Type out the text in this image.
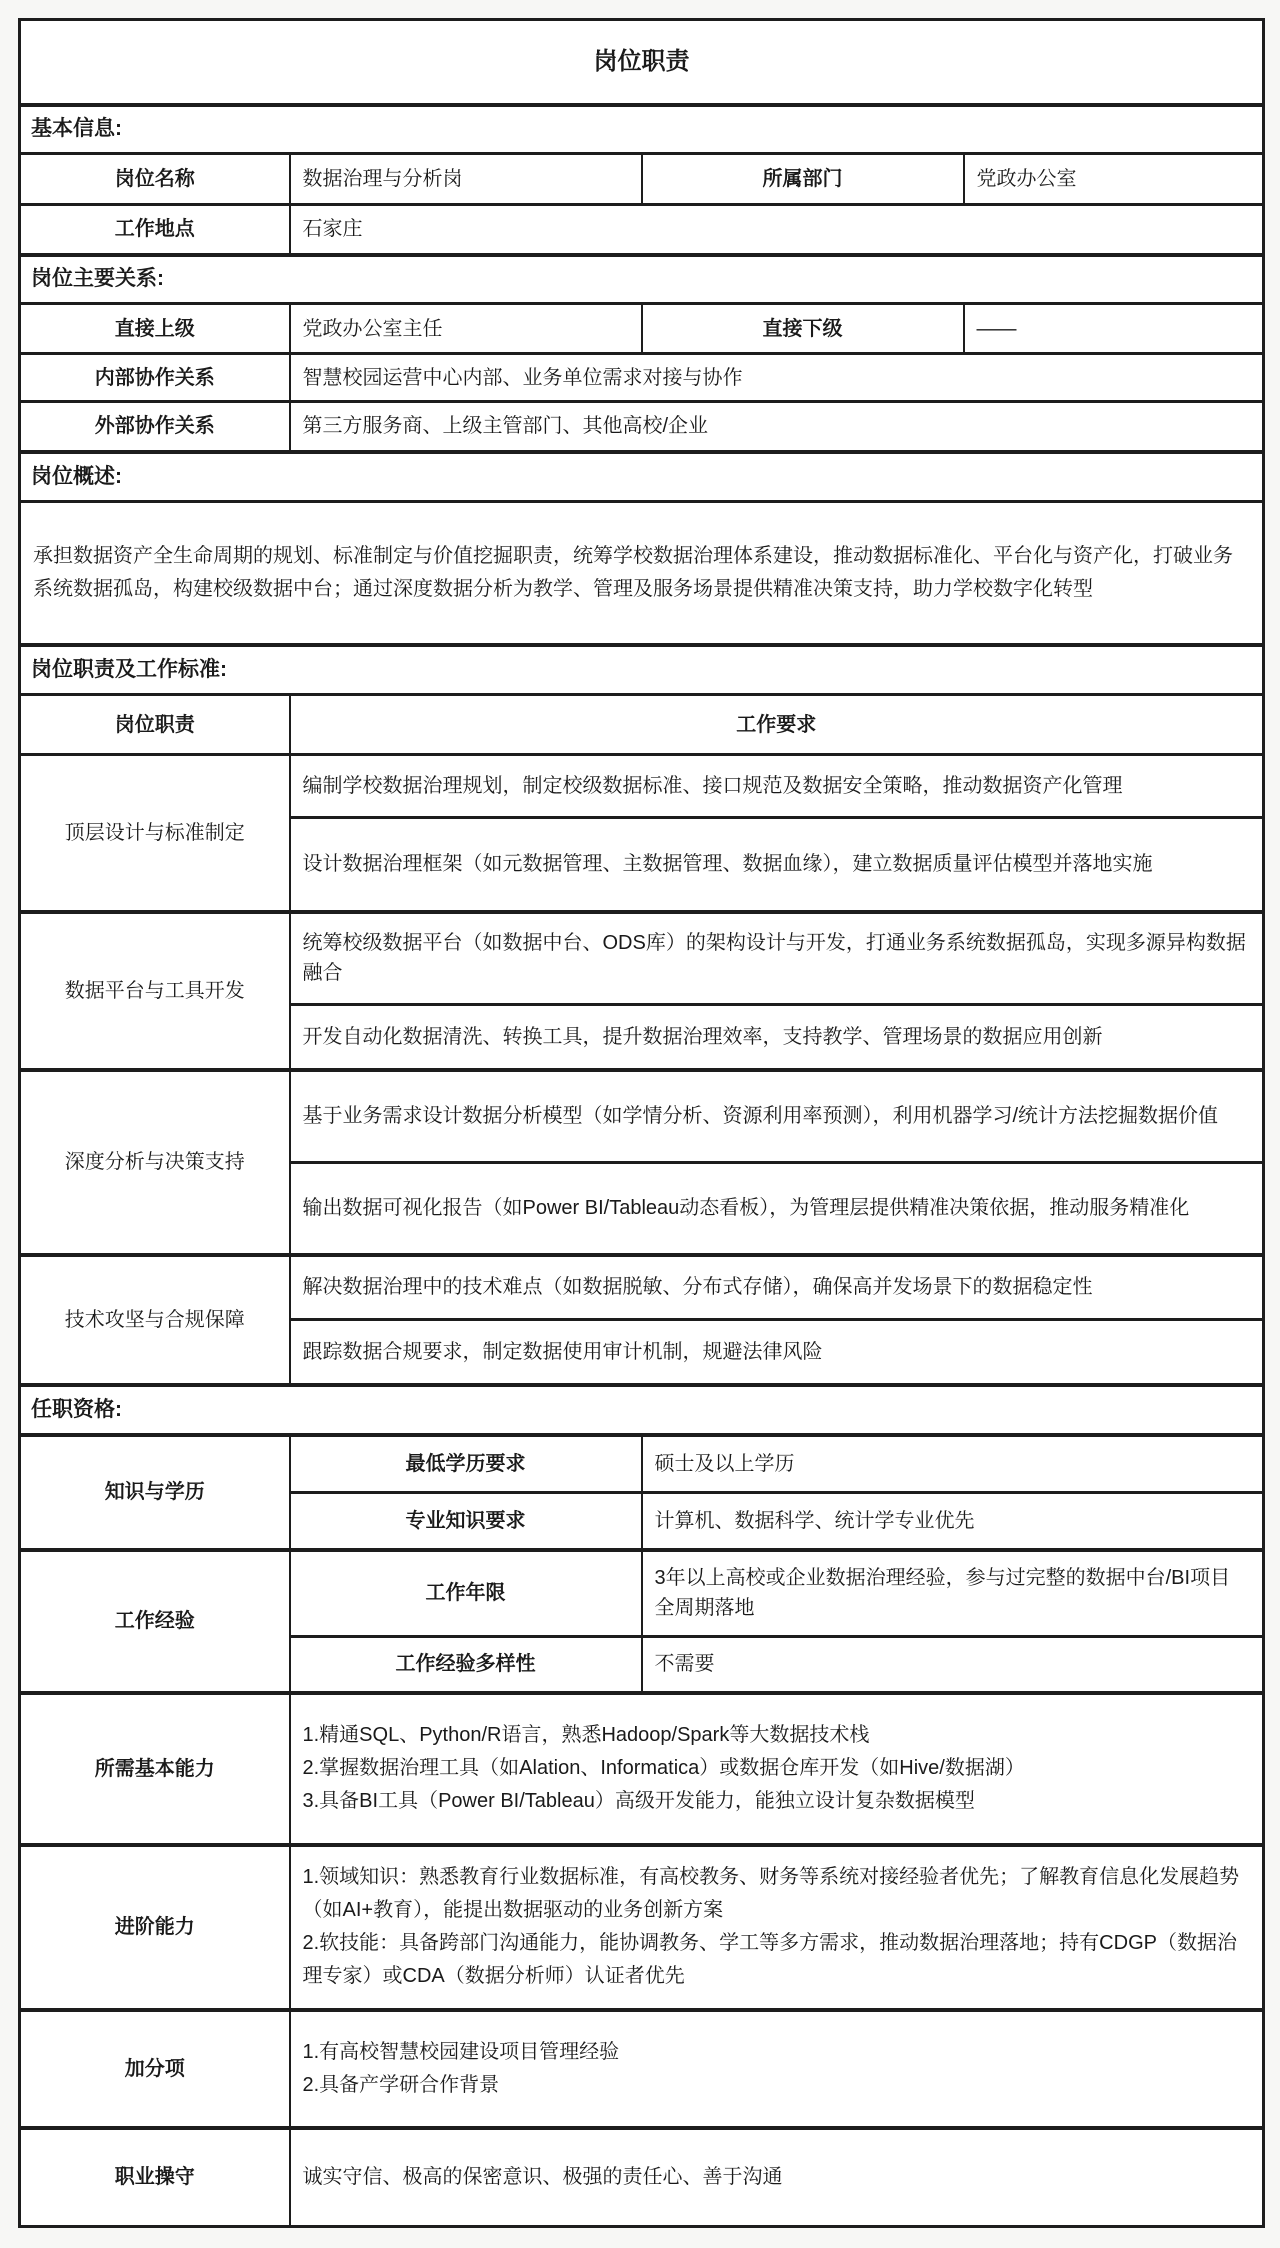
岗位职责			
基本信息:			
岗位名称	数据治理与分析岗	所属部门	党政办公室
工作地点	石家庄		
岗位主要关系:			
直接上级	党政办公室主任	直接下级	——
内部协作关系	智慧校园运营中心内部、业务单位需求对接与协作		
外部协作关系	第三方服务商、上级主管部门、其他高校/企业		
岗位概述:			
承担数据资产全生命周期的规划、标准制定与价值挖掘职责，统筹学校数据治理体系建设，推动数据标准化、平台化与资产化，打破业务系统数据孤岛，构建校级数据中台；通过深度数据分析为教学、管理及服务场景提供精准决策支持，助力学校数字化转型			
岗位职责及工作标准:			
岗位职责	工作要求		
顶层设计与标准制定	编制学校数据治理规划，制定校级数据标准、接口规范及数据安全策略，推动数据资产化管理		
	设计数据治理框架（如元数据管理、主数据管理、数据血缘），建立数据质量评估模型并落地实施		
数据平台与工具开发	统筹校级数据平台（如数据中台、ODS库）的架构设计与开发，打通业务系统数据孤岛，实现多源异构数据融合		
	开发自动化数据清洗、转换工具，提升数据治理效率，支持教学、管理场景的数据应用创新		
深度分析与决策支持	基于业务需求设计数据分析模型（如学情分析、资源利用率预测），利用机器学习/统计方法挖掘数据价值		
	输出数据可视化报告（如Power BI/Tableau动态看板），为管理层提供精准决策依据，推动服务精准化		
技术攻坚与合规保障	解决数据治理中的技术难点（如数据脱敏、分布式存储），确保高并发场景下的数据稳定性		
	跟踪数据合规要求，制定数据使用审计机制，规避法律风险		
任职资格:			
知识与学历	最低学历要求	硕士及以上学历	
	专业知识要求	计算机、数据科学、统计学专业优先	
工作经验	工作年限	3年以上高校或企业数据治理经验，参与过完整的数据中台/BI项目全周期落地	
	工作经验多样性	不需要	
所需基本能力	1.精通SQL、Python/R语言，熟悉Hadoop/Spark等大数据技术栈
2.掌握数据治理工具（如Alation、Informatica）或数据仓库开发（如Hive/数据湖）
3.具备BI工具（Power BI/Tableau）高级开发能力，能独立设计复杂数据模型		

进阶能力	1.领域知识：熟悉教育行业数据标准，有高校教务、财务等系统对接经验者优先；了解教育信息化发展趋势（如AI+教育），能提出数据驱动的业务创新方案
2.软技能：具备跨部门沟通能力，能协调教务、学工等多方需求，推动数据治理落地；持有CDGP（数据治理专家）或CDA（数据分析师）认证者优先		

加分项	1.有高校智慧校园建设项目管理经验
2.具备产学研合作背景		

职业操守	诚实守信、极高的保密意识、极强的责任心、善于沟通		
